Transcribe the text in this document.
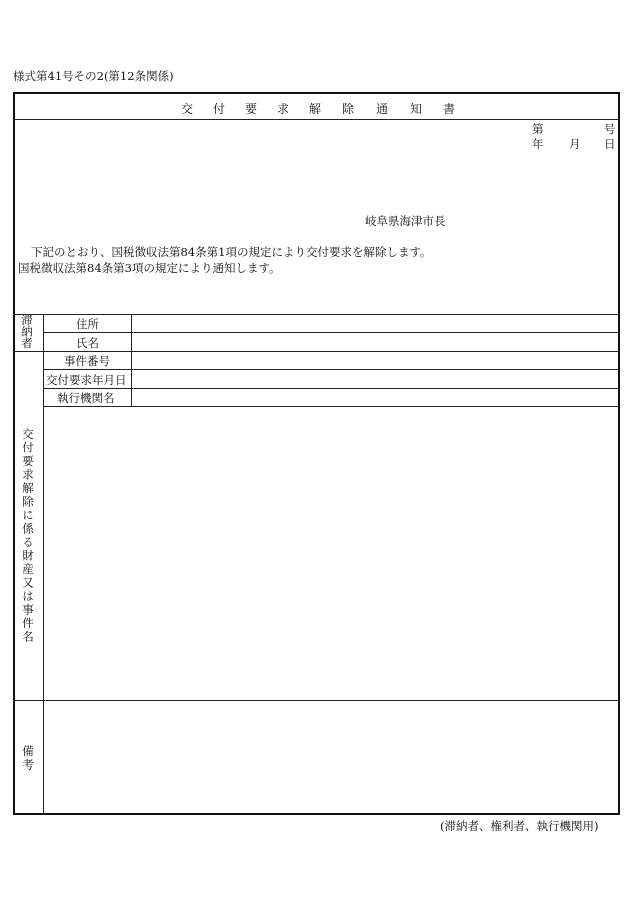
様式第41号その2(第12条関係)
交 付 要 求 解 除 通 知 書
第	号
年 月 日
岐阜県海津市長
下記のとおり、国税徴収法第84条第1項の規定により交付要求を解除します。
国税徴収法第84条第3項の規定により通知します。
滞納者
交付要求解除に係る財産又は事件名
備考
住所
氏名
事件番号
交付要求年月日
執行機関名
(滞納者、権利者、執行機関用)
